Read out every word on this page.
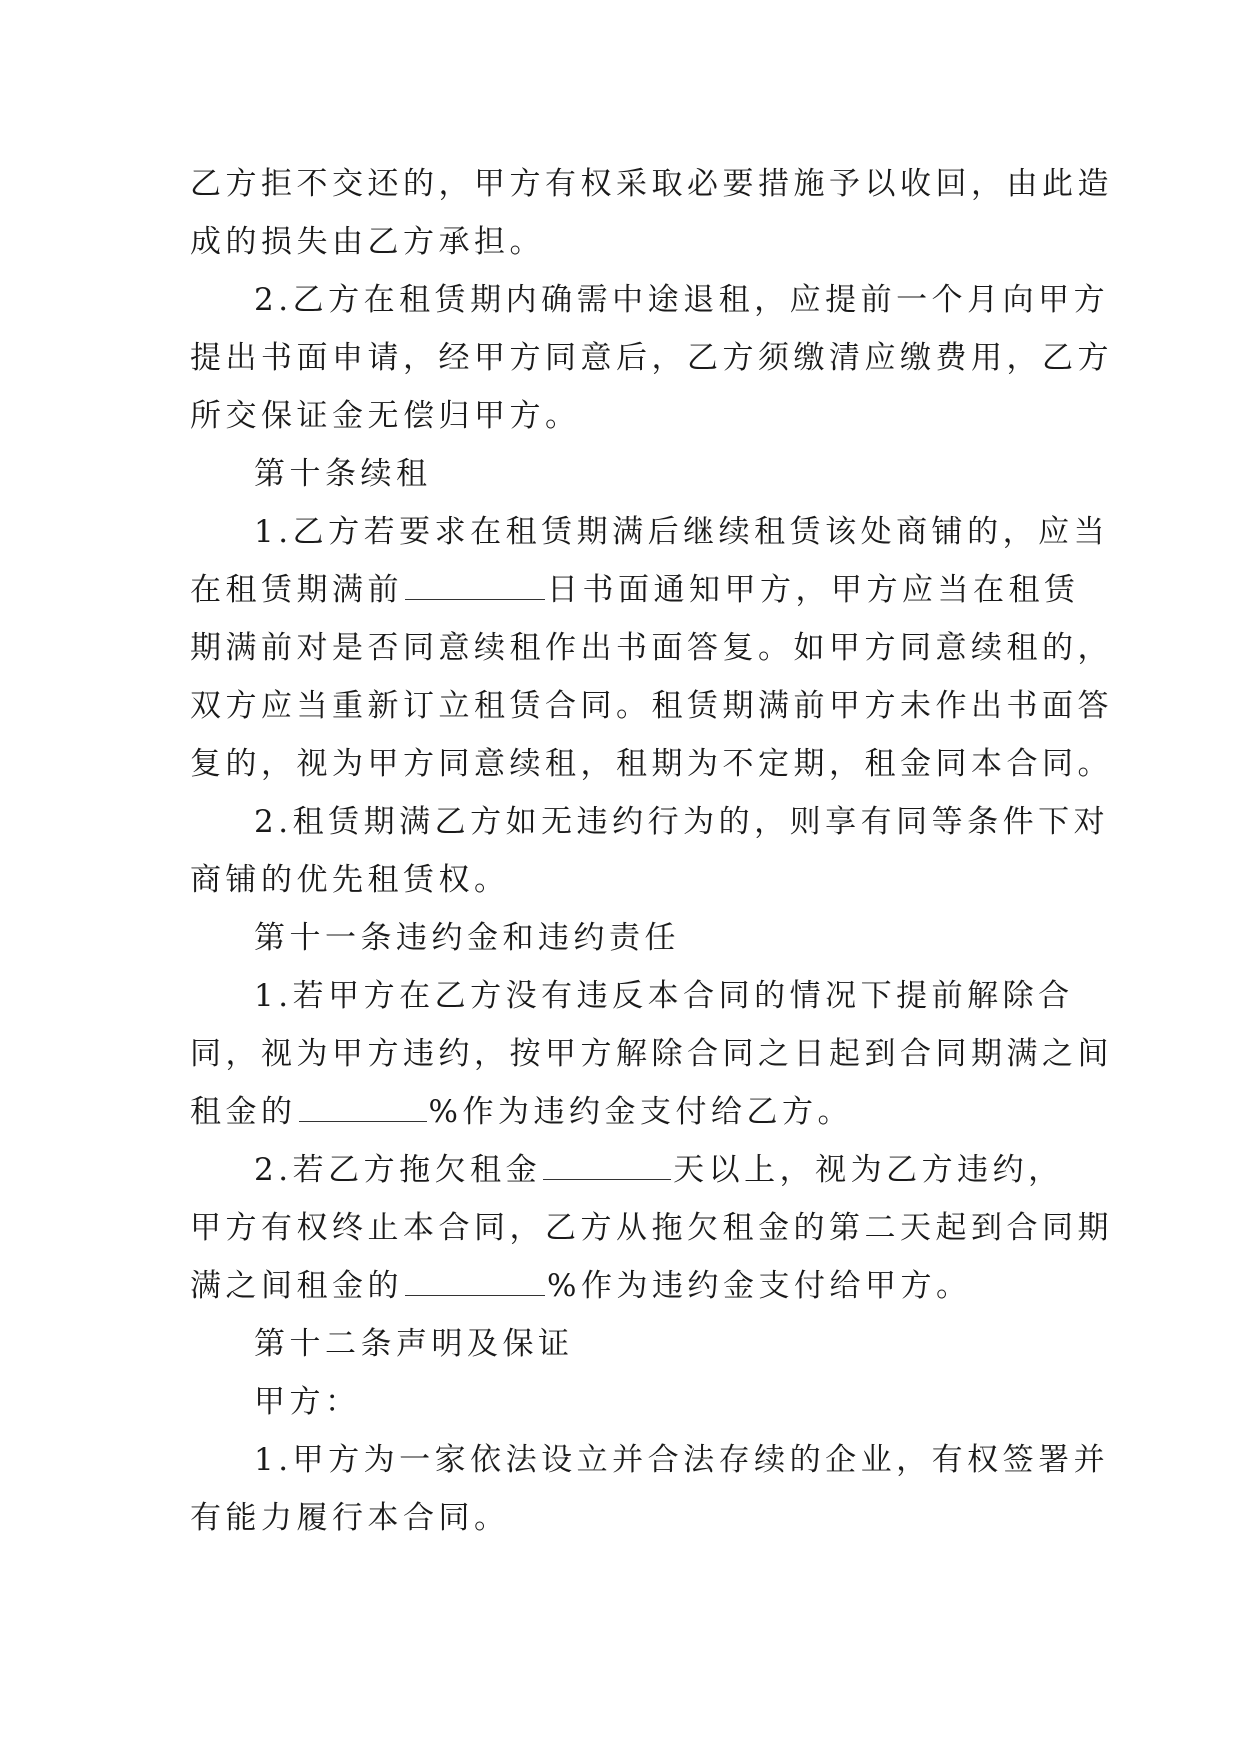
乙方拒不交还的，甲方有权采取必要措施予以收回，由此造
成的损失由乙方承担。
2.乙方在租赁期内确需中途退租，应提前一个月向甲方
提出书面申请，经甲方同意后，乙方须缴清应缴费用，乙方
所交保证金无偿归甲方。
第十条续租
1.乙方若要求在租赁期满后继续租赁该处商铺的，应当
在租赁期满前	日书面通知甲方，甲方应当在租赁
期满前对是否同意续租作出书面答复。如甲方同意续租的，
双方应当重新订立租赁合同。租赁期满前甲方未作出书面答
复的，视为甲方同意续租，租期为不定期，租金同本合同。
2.租赁期满乙方如无违约行为的，则享有同等条件下对
商铺的优先租赁权。
第十一条违约金和违约责任
1.若甲方在乙方没有违反本合同的情况下提前解除合
同，视为甲方违约，按甲方解除合同之日起到合同期满之间
租金的	%作为违约金支付给乙方。
2.若乙方拖欠租金	天以上，视为乙方违约，
甲方有权终止本合同，乙方从拖欠租金的第二天起到合同期
满之间租金的	%作为违约金支付给甲方。
第十二条声明及保证
甲方：
1.甲方为一家依法设立并合法存续的企业，有权签署并
有能力履行本合同。
